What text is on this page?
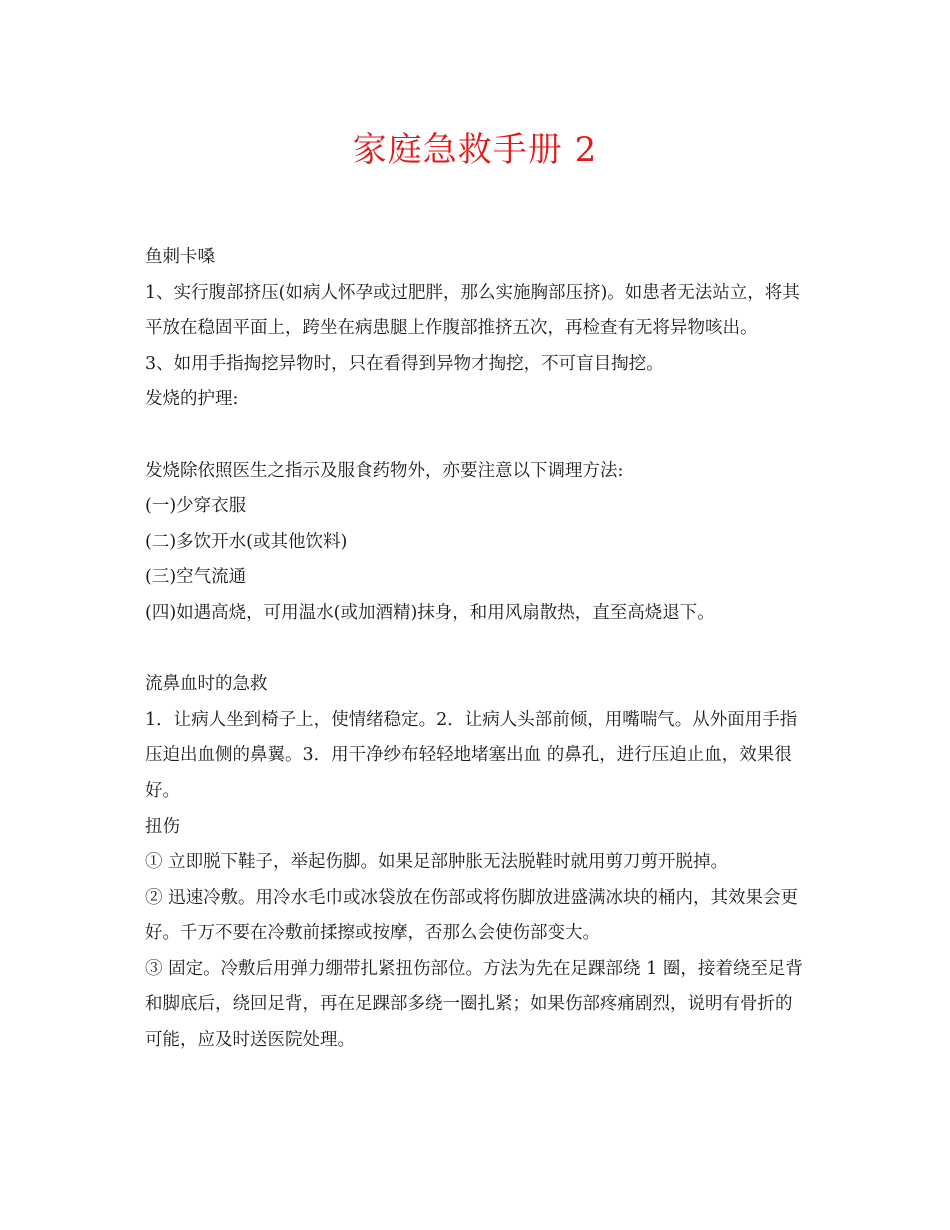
家庭急救手册 2

鱼刺卡嗓

1、实行腹部挤压(如病人怀孕或过肥胖，那么实施胸部压挤)。如患者无法站立，将其平放在稳固平面上，跨坐在病患腿上作腹部推挤五次，再检查有无将异物咳出。

3、如用手指掏挖异物时，只在看得到异物才掏挖，不可盲目掏挖。

发烧的护理:

发烧除依照医生之指示及服食药物外，亦要注意以下调理方法:

(一)少穿衣服

(二)多饮开水(或其他饮料)

(三)空气流通

(四)如遇高烧，可用温水(或加酒精)抹身，和用风扇散热，直至高烧退下。

流鼻血时的急救

1．让病人坐到椅子上，使情绪稳定。2．让病人头部前倾，用嘴喘气。从外面用手指压迫出血侧的鼻翼。3．用干净纱布轻轻地堵塞出血 的鼻孔，进行压迫止血，效果很好。

扭伤

① 立即脱下鞋子，举起伤脚。如果足部肿胀无法脱鞋时就用剪刀剪开脱掉。

② 迅速冷敷。用冷水毛巾或冰袋放在伤部或将伤脚放进盛满冰块的桶内，其效果会更好。千万不要在冷敷前揉擦或按摩，否那么会使伤部变大。

③ 固定。冷敷后用弹力绷带扎紧扭伤部位。方法为先在足踝部绕 1 圈，接着绕至足背和脚底后，绕回足背，再在足踝部多绕一圈扎紧；如果伤部疼痛剧烈，说明有骨折的可能，应及时送医院处理。
